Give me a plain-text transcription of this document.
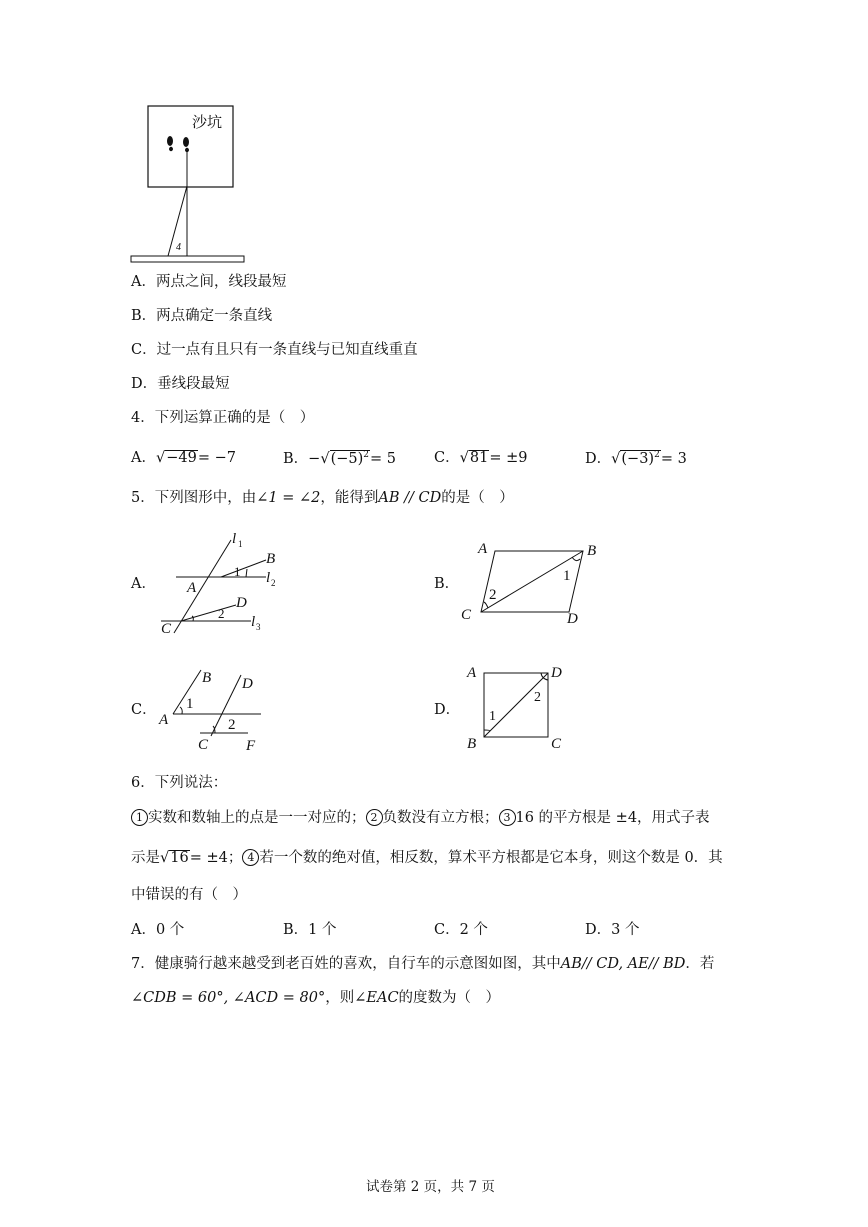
沙坑
4
A．两点之间，线段最短
B．两点确定一条直线
C．过一点有且只有一条直线与已知直线重直
D．垂线段最短
4．下列运算正确的是（　）
A．√−49= −7	B．$-√(-5)^2= 5$	C．√81= ±9	D．$√(-3)^2= 3$
5．下列图形中，由∠1 = ∠2，能得到AB // CD的是（　）
A．	B．
C．	D．
l 1
l 2
l 3
B
A
C
D
1
2
A	B
C	D
1
2
B D
A
C	F
1
2
A	D
B	C
2
1
6．下列说法：
1 实数和数轴上的点是一一对应的； 2 负数没有立方根； 3 16 的平方根是 ±4，用式子表
示是√16= ±4； 4 若一个数的绝对值，相反数，算术平方根都是它本身，则这个数是 0．其
中错误的有（　）
A．0 个	B．1 个	C．2 个	D．3 个
7．健康骑行越来越受到老百姓的喜欢，自行车的示意图如图，其中AB// CD, AE// BD．若
∠CDB = 60°, ∠ACD = 80°，则∠EAC的度数为（　）
试卷第 2 页，共 7 页
